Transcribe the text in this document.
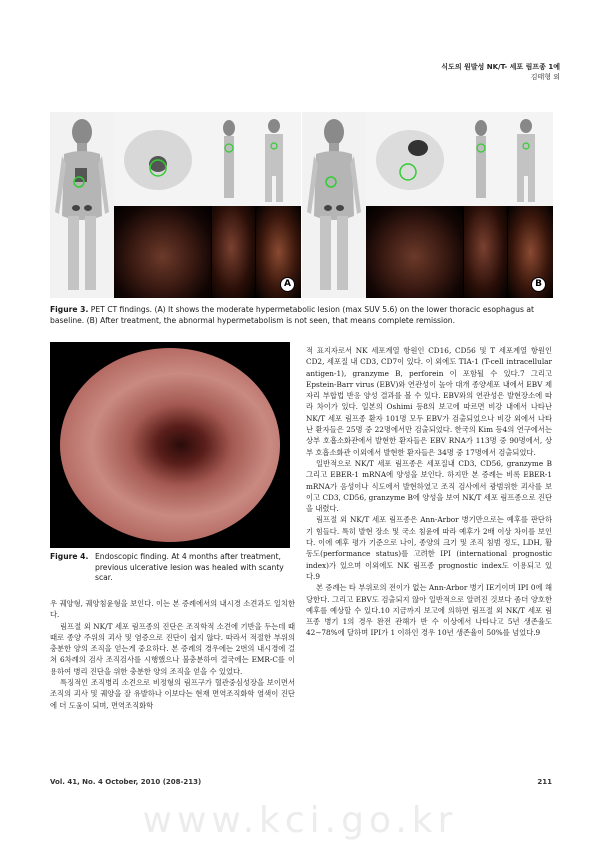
식도의 원발성 NK/T- 세포 림프종 1예
김태형 외
A	B
Figure 3. PET CT findings. (A) It shows the moderate hypermetabolic lesion (max SUV 5.6) on the lower thoracic esophagus at baseline. (B) After treatment, the abnormal hypermetabolism is not seen, that means complete remission.
Figure 4. Endoscopic finding. At 4 months after treatment, previous ulcerative lesion was healed with scanty scar.

우 궤양형, 궤양침윤형을 보인다. 이는 본 증례에서의 내시경 소견과도 일치한다.

림프절 외 NK/T 세포 림프종의 진단은 조직학적 소견에 기반을 두는데 때때로 종양 주위의 괴사 및 염증으로 진단이 쉽지 않다. 따라서 적절한 부위의 충분한 양의 조직을 얻는게 중요하다. 본 증례의 경우에는 2번의 내시경에 걸쳐 6차례의 검사 조직검사를 시행했으나 불충분하여 결국에는 EMR-C를 이용하여 병리 진단을 위한 충분한 양의 조직을 얻을 수 있었다.

특징적인 조직병리 소견으로 비정형의 림프구가 혈관중심성장을 보이면서 조직의 괴사 및 궤양을 잘 유발하나 이보다는 현재 면역조직화학 염색이 진단에 더 도움이 되며, 면역조직화학

적 표지자로서 NK 세포계열 항원인 CD16, CD56 및 T 세포계열 항원인 CD2, 세포질 내 CD3, CD7이 있다. 이 외에도 TIA-1 (T-cell intracellular antigen-1), granzyme B, perforein 이 포함될 수 있다.7 그리고 Epstein-Barr virus (EBV)와 연관성이 높아 대개 종양세포 내에서 EBV 제자리 부합법 반응 양성 결과를 볼 수 있다. EBV와의 연관성은 발현장소에 따라 차이가 있다. 일본의 Oshimi 등8의 보고에 따르면 비강 내에서 나타난 NK/T 세포 림프종 환자 101명 모두 EBV가 검출되었으나 비강 외에서 나타난 환자들은 25명 중 22명에서만 검출되었다. 한국의 Kim 등4의 연구에서는 상부 호흡소화관에서 발현한 환자들은 EBV RNA가 113명 중 90명에서, 상부 호흡소화관 이외에서 발현한 환자들은 34명 중 17명에서 검출되었다.

일반적으로 NK/T 세포 림프종은 세포질내 CD3, CD56, granzyme B 그리고 EBER-1 mRNA에 양성을 보인다. 하지만 본 증례는 비록 EBER-1 mRNA가 음성이나 식도에서 발현하였고 조직 검사에서 광범위한 괴사를 보이고 CD3, CD56, granzyme B에 양성을 보여 NK/T 세포 림프종으로 진단을 내렸다.

림프절 외 NK/T 세포 림프종은 Ann-Arbor 병기만으로는 예후를 판단하기 힘들다. 특히 발현 장소 및 국소 침윤에 따라 예후가 2배 이상 차이를 보인다. 이에 예후 평가 기준으로 나이, 종양의 크기 및 조직 침범 정도, LDH, 활동도(performance status)를 고려한 IPI (international prognostic index)가 있으며 이외에도 NK 림프종 prognostic index도 이용되고 있다.9

본 증례는 타 부위로의 전이가 없는 Ann-Arbor 병기 IE기이며 IPI 0에 해당한다. 그리고 EBV도 검출되지 않아 일반적으로 알려진 것보다 좀더 양호한 예후를 예상할 수 있다.10 지금까지 보고에 의하면 림프절 외 NK/T 세포 림프종 병기 1의 경우 완전 관해가 반 수 이상에서 나타나고 5년 생존율도 42∼78%에 달하며 IPI가 1 이하인 경우 10년 생존율이 50%를 넘었다.9

Vol. 41, No. 4 October, 2010 (208-213)	211
www.kci.go.kr
